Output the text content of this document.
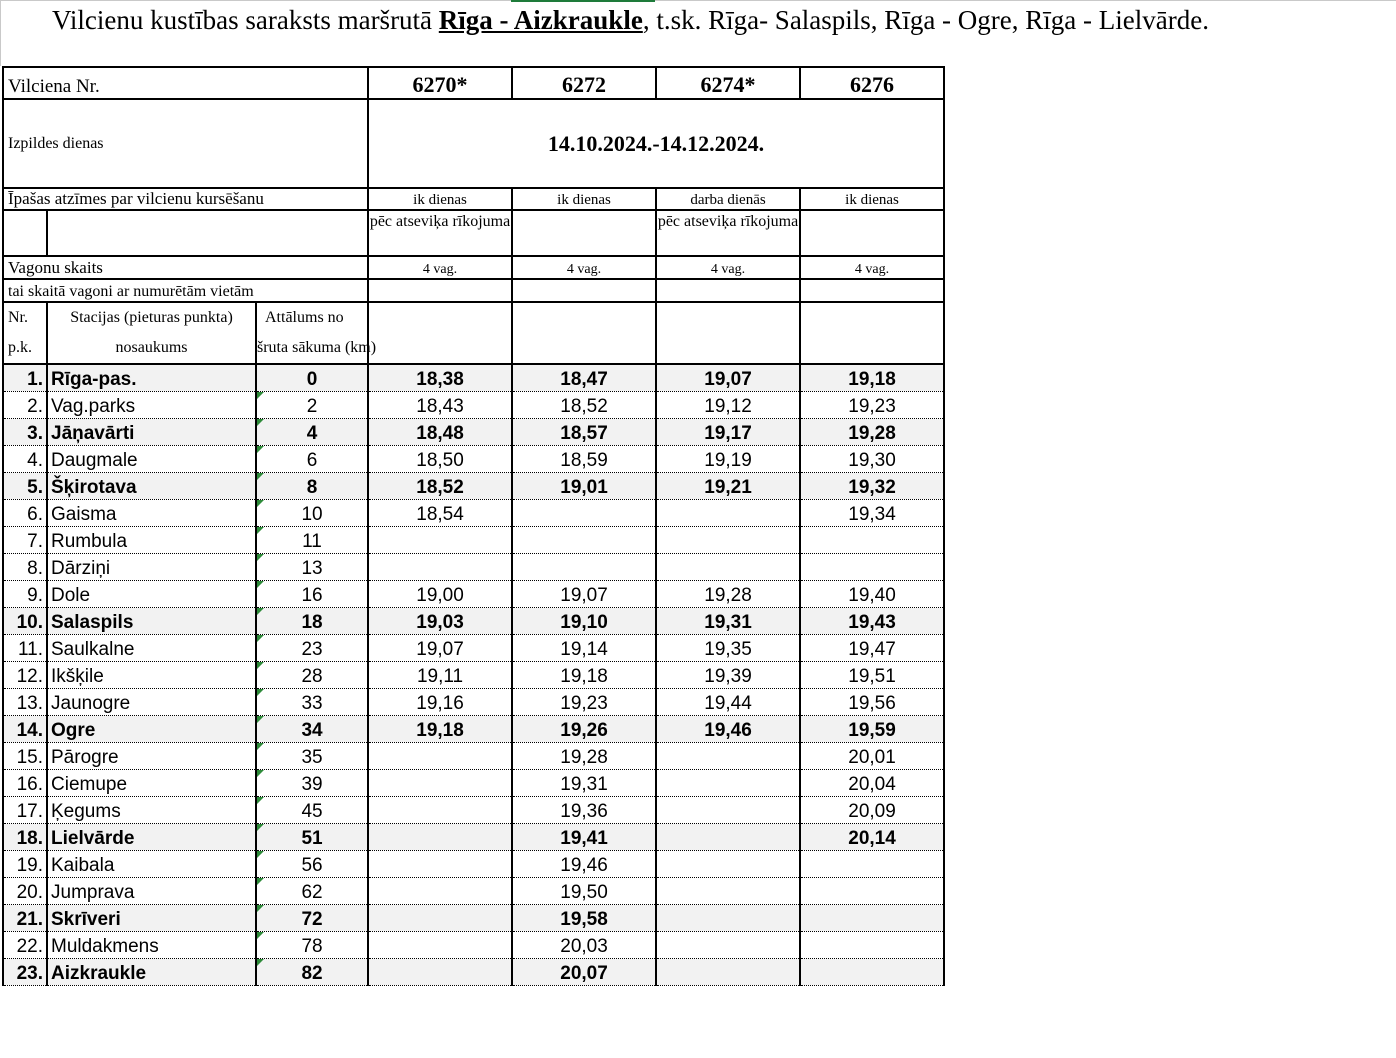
Vilcienu kustības saraksts maršrutā Rīga - Aizkraukle, t.sk. Rīga- Salaspils, Rīga - Ogre, Rīga - Lielvārde.
Vilciena Nr.			6270*	6272	6274*	6276
Izpildes dienas			14.10.2024.-14.12.2024.			
Īpašas atzīmes par vilcienu kursēšanu			ik dienas	ik dienas	darba dienās	ik dienas
			pēc atseviķa rīkojuma		pēc atseviķa rīkojuma	
Vagonu skaits			4 vag.	4 vag.	4 vag.	4 vag.
tai skaitā vagoni ar numurētām vietām						
Nr.
p.k.	Stacijas (pieturas punkta)
nosaukums	Attālums no
šruta sākuma (km)				

1.	Rīga-pas.	0	18,38	18,47	19,07	19,18
2.	Vag.parks	2	18,43	18,52	19,12	19,23
3.	Jāņavārti	4	18,48	18,57	19,17	19,28
4.	Daugmale	6	18,50	18,59	19,19	19,30
5.	Šķirotava	8	18,52	19,01	19,21	19,32
6.	Gaisma	10	18,54			19,34
7.	Rumbula	11

8.	Dārziņi	13

9.	Dole	16	19,00	19,07	19,28	19,40
10.	Salaspils	18	19,03	19,10	19,31	19,43
11.	Saulkalne	23	19,07	19,14	19,35	19,47
12.	Ikšķile	28	19,11	19,18	19,39	19,51
13.	Jaunogre	33	19,16	19,23	19,44	19,56
14.	Ogre	34	19,18	19,26	19,46	19,59
15.	Pārogre	35		19,28		20,01
16.	Ciemupe	39		19,31		20,04
17.	Ķegums	45		19,36		20,09
18.	Lielvārde	51		19,41		20,14
19.	Kaibala	56		19,46		
20.	Jumprava	62		19,50		
21.	Skrīveri	72		19,58		
22.	Muldakmens	78		20,03		
23.	Aizkraukle	82		20,07		
